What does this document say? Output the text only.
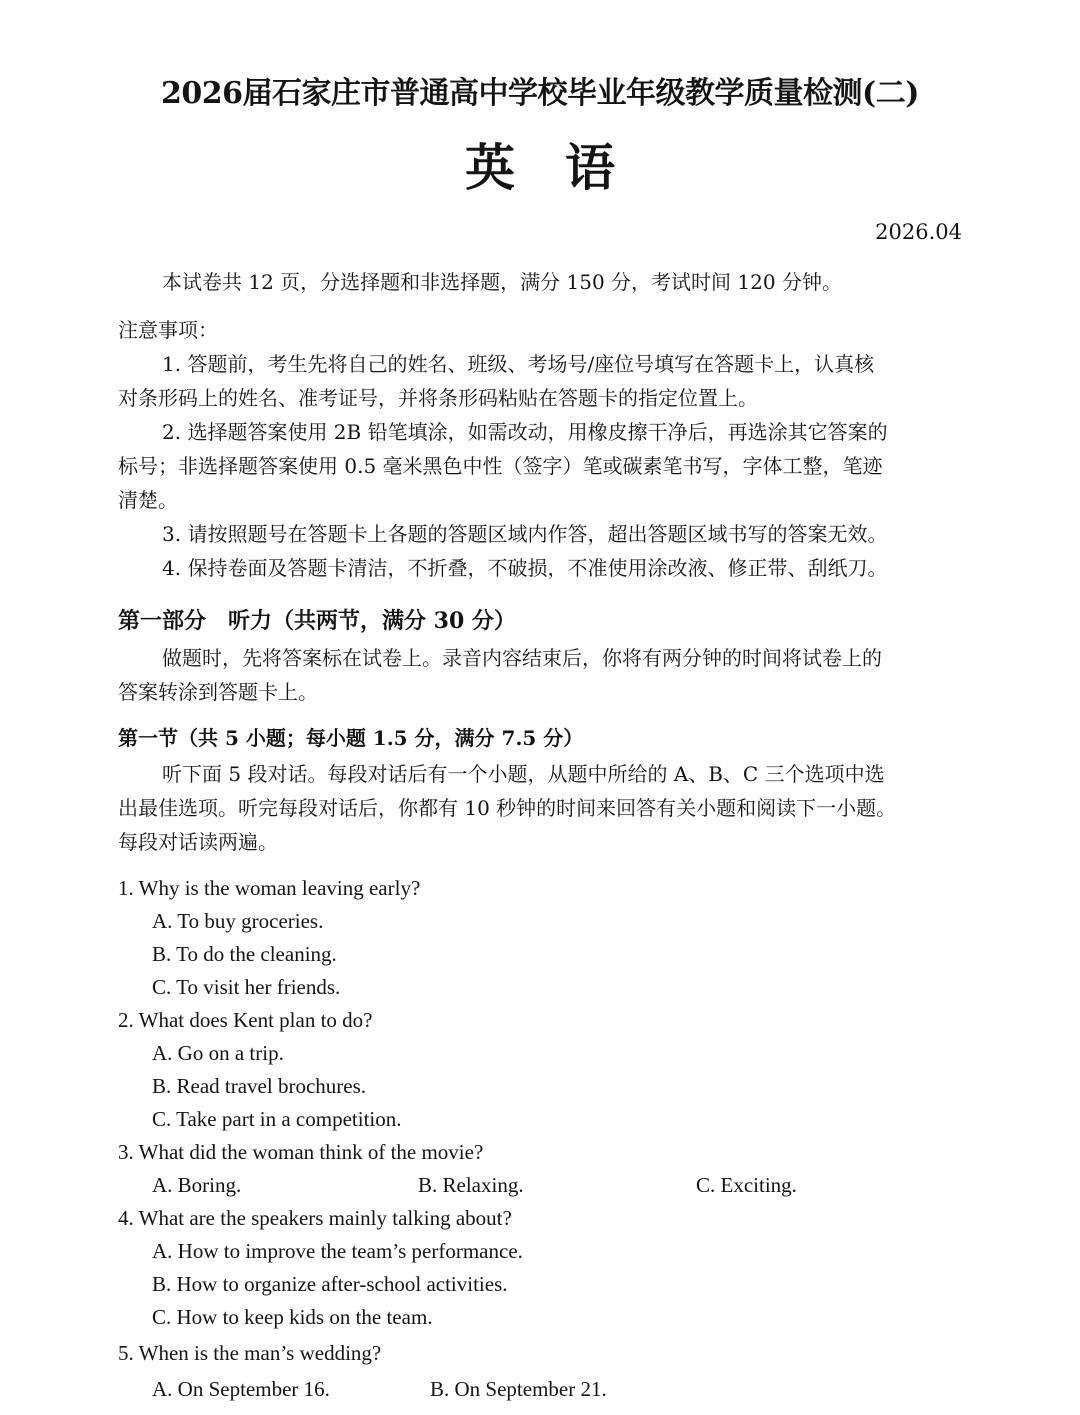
2026届石家庄市普通高中学校毕业年级教学质量检测(二)
英语
2026.04
本试卷共 12 页，分选择题和非选择题，满分 150 分，考试时间 120 分钟。
注意事项：
1. 答题前，考生先将自己的姓名、班级、考场号/座位号填写在答题卡上，认真核
对条形码上的姓名、准考证号，并将条形码粘贴在答题卡的指定位置上。
2. 选择题答案使用 2B 铅笔填涂，如需改动，用橡皮擦干净后，再选涂其它答案的
标号；非选择题答案使用 0.5 毫米黑色中性（签字）笔或碳素笔书写，字体工整，笔迹
清楚。
3. 请按照题号在答题卡上各题的答题区域内作答，超出答题区域书写的答案无效。
4. 保持卷面及答题卡清洁，不折叠，不破损，不准使用涂改液、修正带、刮纸刀。
第一部分　听力（共两节，满分 30 分）
做题时，先将答案标在试卷上。录音内容结束后，你将有两分钟的时间将试卷上的
答案转涂到答题卡上。
第一节（共 5 小题；每小题 1.5 分，满分 7.5 分）
听下面 5 段对话。每段对话后有一个小题，从题中所给的 A、B、C 三个选项中选
出最佳选项。听完每段对话后，你都有 10 秒钟的时间来回答有关小题和阅读下一小题。
每段对话读两遍。
1. Why is the woman leaving early?
A. To buy groceries.
B. To do the cleaning.
C. To visit her friends.
2. What does Kent plan to do?
A. Go on a trip.
B. Read travel brochures.
C. Take part in a competition.
3. What did the woman think of the movie?
A. Boring.	B. Relaxing.	C. Exciting.
4. What are the speakers mainly talking about?
A. How to improve the team’s performance.
B. How to organize after-school activities.
C. How to keep kids on the team.
5. When is the man’s wedding?
A. On September 16.	B. On September 21.
